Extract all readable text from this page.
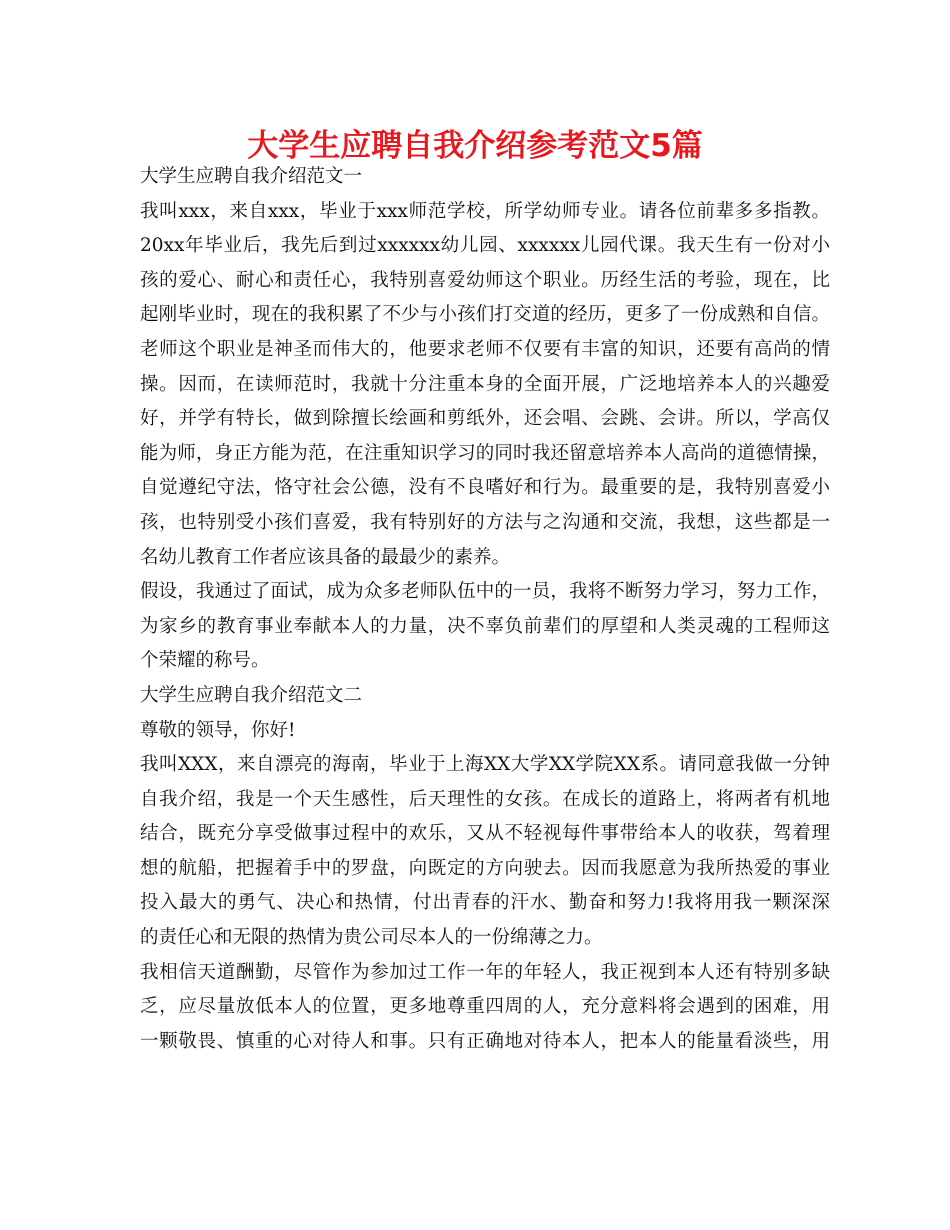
大学生应聘自我介绍参考范文5篇

大学生应聘自我介绍范文一

我叫xxx，来自xxx，毕业于xxx师范学校，所学幼师专业。请各位前辈多多指教。

20xx年毕业后，我先后到过xxxxxx幼儿园、xxxxxx儿园代课。我天生有一份对小

孩的爱心、耐心和责任心，我特别喜爱幼师这个职业。历经生活的考验，现在，比

起刚毕业时，现在的我积累了不少与小孩们打交道的经历，更多了一份成熟和自信。

老师这个职业是神圣而伟大的，他要求老师不仅要有丰富的知识，还要有高尚的情

操。因而，在读师范时，我就十分注重本身的全面开展，广泛地培养本人的兴趣爱

好，并学有特长，做到除擅长绘画和剪纸外，还会唱、会跳、会讲。所以，学高仅

能为师，身正方能为范，在注重知识学习的同时我还留意培养本人高尚的道德情操，

自觉遵纪守法，恪守社会公德，没有不良嗜好和行为。最重要的是，我特别喜爱小

孩，也特别受小孩们喜爱，我有特别好的方法与之沟通和交流，我想，这些都是一

名幼儿教育工作者应该具备的最最少的素养。

假设，我通过了面试，成为众多老师队伍中的一员，我将不断努力学习，努力工作，

为家乡的教育事业奉献本人的力量，决不辜负前辈们的厚望和人类灵魂的工程师这

个荣耀的称号。

大学生应聘自我介绍范文二

尊敬的领导，你好!

我叫XXX，来自漂亮的海南，毕业于上海XX大学XX学院XX系。请同意我做一分钟

自我介绍，我是一个天生感性，后天理性的女孩。在成长的道路上，将两者有机地

结合，既充分享受做事过程中的欢乐，又从不轻视每件事带给本人的收获，驾着理

想的航船，把握着手中的罗盘，向既定的方向驶去。因而我愿意为我所热爱的事业

投入最大的勇气、决心和热情，付出青春的汗水、勤奋和努力!我将用我一颗深深

的责任心和无限的热情为贵公司尽本人的一份绵薄之力。

我相信天道酬勤，尽管作为参加过工作一年的年轻人，我正视到本人还有特别多缺

乏，应尽量放低本人的位置，更多地尊重四周的人，充分意料将会遇到的困难，用

一颗敬畏、慎重的心对待人和事。只有正确地对待本人，把本人的能量看淡些，用
